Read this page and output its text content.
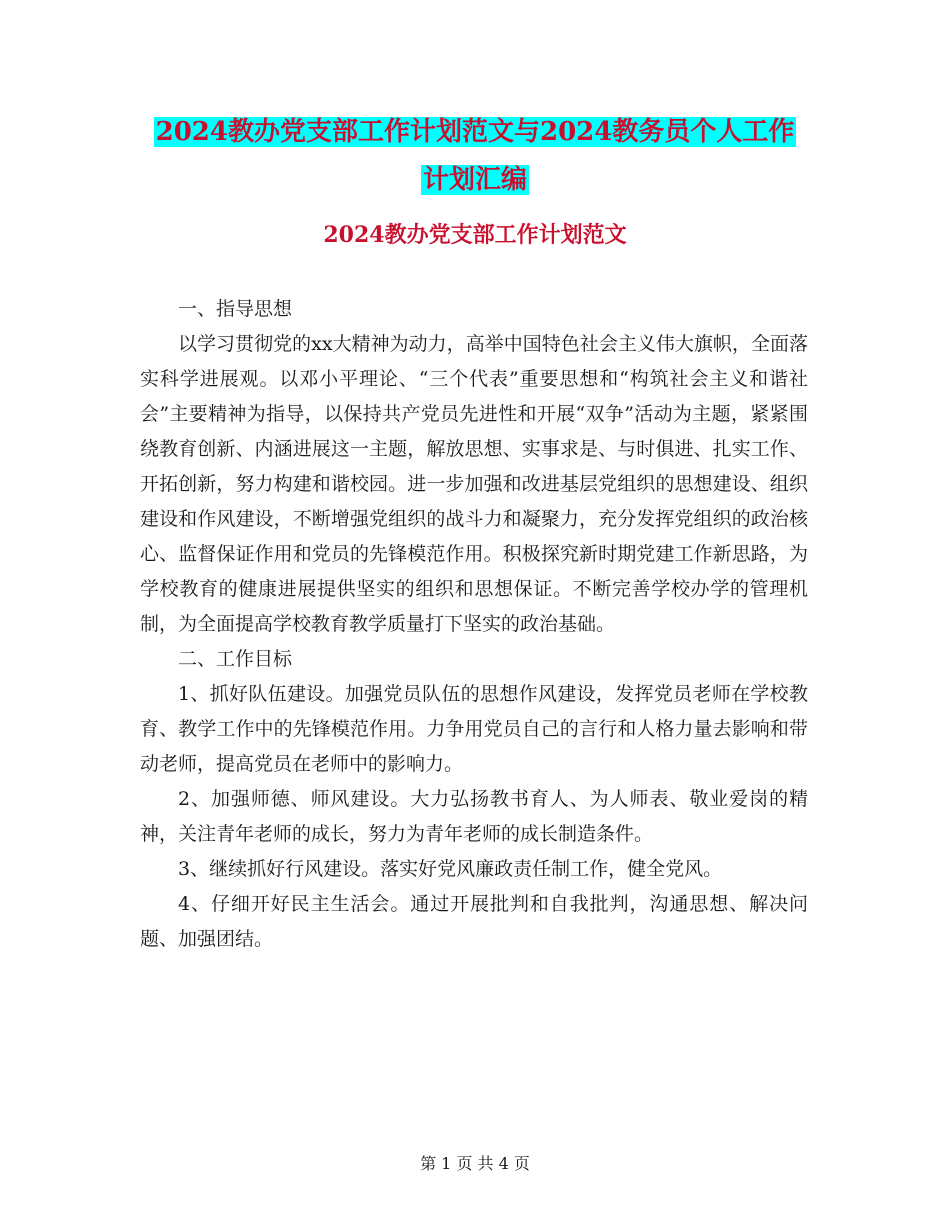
2024教办党支部工作计划范文与2024教务员个人工作
计划汇编
2024教办党支部工作计划范文

一、指导思想

以学习贯彻党的xx大精神为动力，高举中国特色社会主义伟大旗帜，全面落实科学进展观。以邓小平理论、“三个代表”重要思想和“构筑社会主义和谐社会”主要精神为指导，以保持共产党员先进性和开展“双争”活动为主题，紧紧围绕教育创新、内涵进展这一主题，解放思想、实事求是、与时俱进、扎实工作、开拓创新，努力构建和谐校园。进一步加强和改进基层党组织的思想建设、组织建设和作风建设，不断增强党组织的战斗力和凝聚力，充分发挥党组织的政治核心、监督保证作用和党员的先锋模范作用。积极探究新时期党建工作新思路，为学校教育的健康进展提供坚实的组织和思想保证。不断完善学校办学的管理机制，为全面提高学校教育教学质量打下坚实的政治基础。

二、工作目标

1、抓好队伍建设。加强党员队伍的思想作风建设，发挥党员老师在学校教育、教学工作中的先锋模范作用。力争用党员自己的言行和人格力量去影响和带动老师，提高党员在老师中的影响力。

2、加强师德、师风建设。大力弘扬教书育人、为人师表、敬业爱岗的精神，关注青年老师的成长，努力为青年老师的成长制造条件。

3、继续抓好行风建设。落实好党风廉政责任制工作，健全党风。

4、仔细开好民主生活会。通过开展批判和自我批判，沟通思想、解决问题、加强团结。

第 1 页 共 4 页
